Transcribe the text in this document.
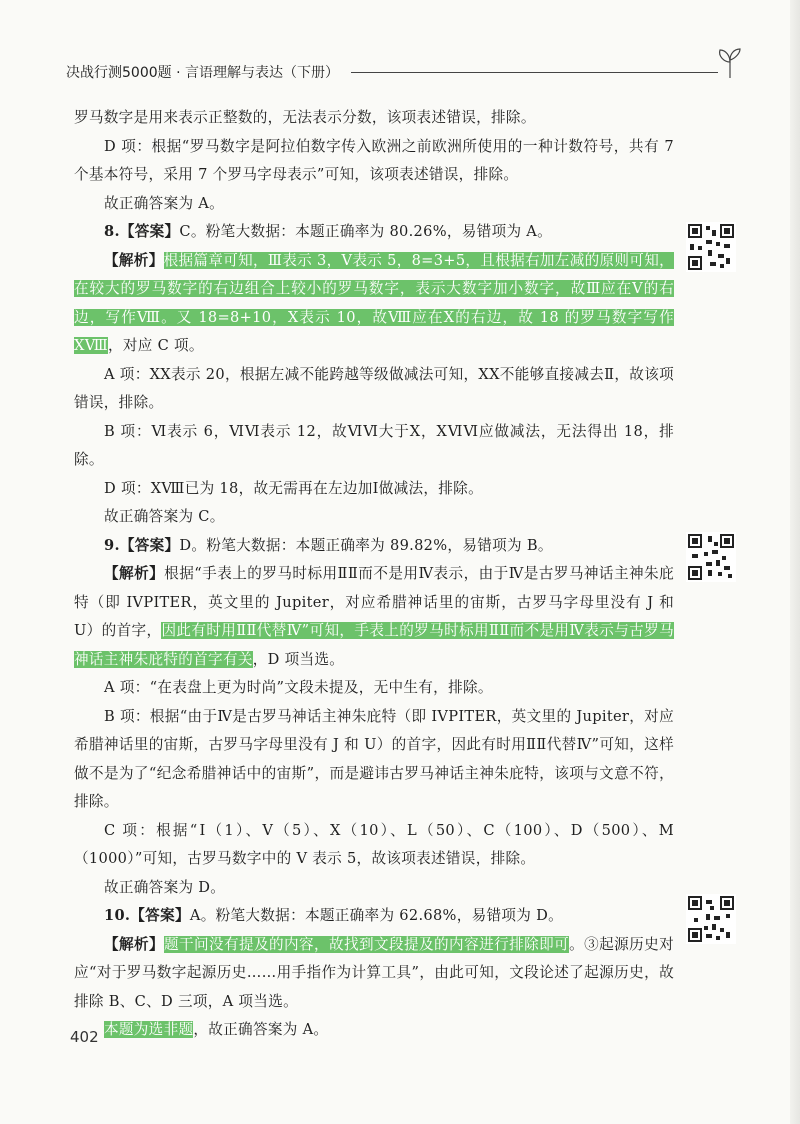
决战行测5000题 · 言语理解与表达（下册）

罗马数字是用来表示正整数的，无法表示分数，该项表述错误，排除。

D 项：根据“罗马数字是阿拉伯数字传入欧洲之前欧洲所使用的一种计数符号，共有 7 个基本符号，采用 7 个罗马字母表示”可知，该项表述错误，排除。

故正确答案为 A。

8.【答案】C。粉笔大数据：本题正确率为 80.26%，易错项为 A。

【解析】根据篇章可知，Ⅲ表示 3，Ⅴ表示 5，8=3+5，且根据右加左减的原则可知，在较大的罗马数字的右边组合上较小的罗马数字，表示大数字加小数字，故Ⅲ应在Ⅴ的右边，写作Ⅷ。又 18=8+10，Ⅹ表示 10，故Ⅷ应在Ⅹ的右边，故 18 的罗马数字写作ⅩⅧ，对应 C 项。

A 项：ⅩⅩ表示 20，根据左减不能跨越等级做减法可知，ⅩⅩ不能够直接减去Ⅱ，故该项错误，排除。

B 项：Ⅵ表示 6，ⅥⅥ表示 12，故ⅥⅥ大于Ⅹ，ⅩⅥⅥ应做减法，无法得出 18，排除。

D 项：ⅩⅧ已为 18，故无需再在左边加Ⅰ做减法，排除。

故正确答案为 C。

9.【答案】D。粉笔大数据：本题正确率为 89.82%，易错项为 B。

【解析】根据“手表上的罗马时标用ⅡⅡ而不是用Ⅳ表示，由于Ⅳ是古罗马神话主神朱庇特（即 IVPITER，英文里的 Jupiter，对应希腊神话里的宙斯，古罗马字母里没有 J 和 U）的首字，因此有时用ⅡⅡ代替Ⅳ”可知，手表上的罗马时标用ⅡⅡ而不是用Ⅳ表示与古罗马神话主神朱庇特的首字有关，D 项当选。

A 项：“在表盘上更为时尚”文段未提及，无中生有，排除。

B 项：根据“由于Ⅳ是古罗马神话主神朱庇特（即 IVPITER，英文里的 Jupiter，对应希腊神话里的宙斯，古罗马字母里没有 J 和 U）的首字，因此有时用ⅡⅡ代替Ⅳ”可知，这样做不是为了“纪念希腊神话中的宙斯”，而是避讳古罗马神话主神朱庇特，该项与文意不符，排除。

C 项：根据“Ⅰ（1）、Ⅴ（5）、Ⅹ（10）、L（50）、C（100）、D（500）、M（1000）”可知，古罗马数字中的 V 表示 5，故该项表述错误，排除。

故正确答案为 D。

10.【答案】A。粉笔大数据：本题正确率为 62.68%，易错项为 D。

【解析】题干问没有提及的内容，故找到文段提及的内容进行排除即可。③起源历史对应“对于罗马数字起源历史……用手指作为计算工具”，由此可知，文段论述了起源历史，故排除 B、C、D 三项，A 项当选。

本题为选非题，故正确答案为 A。

402
